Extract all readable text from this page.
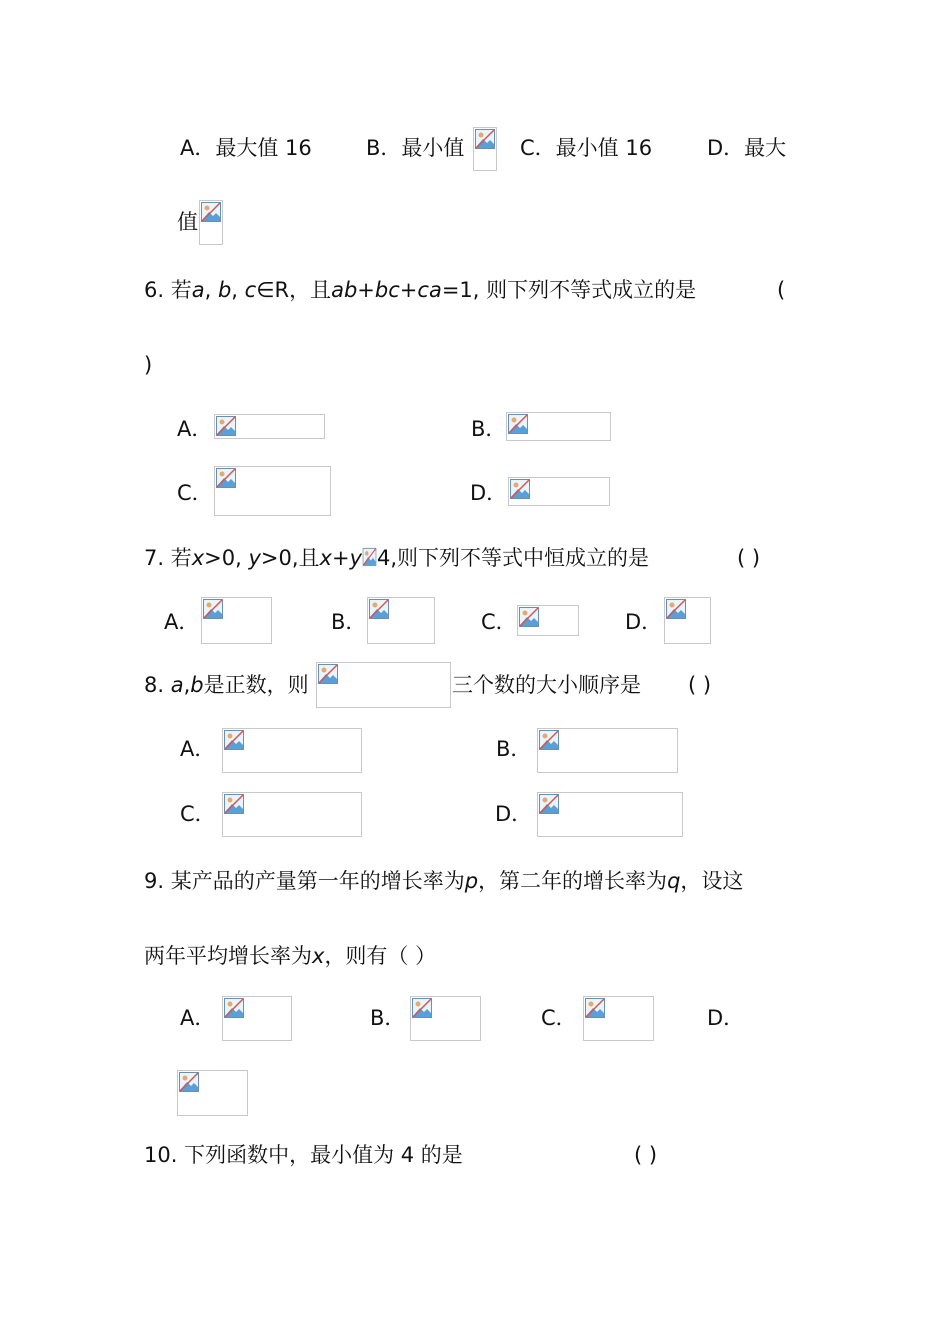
A．最大值 16	B．最小值	C．最小值 16	D．最大
值
6. 若a, b, c∈R，且ab+bc+ca=1, 则下列不等式成立的是	(
)
A．	B．
C．	D．
7. 若x>0, y>0,且x+y 4,则下列不等式中恒成立的是	( )
A．	B．	C．	D．
8. a,b是正数，则	三个数的大小顺序是 ( )
A．	B．
C．	D．
9. 某产品的产量第一年的增长率为p，第二年的增长率为q，设这
两年平均增长率为x，则有（ ）
A．	B．	C．	D．
10. 下列函数中，最小值为 4 的是	( )
